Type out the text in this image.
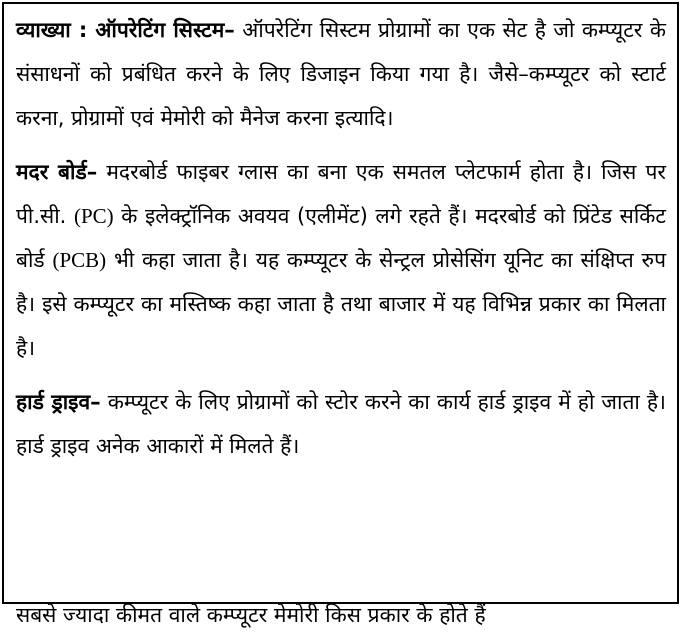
व्याख्या : ऑपरेटिंग सिस्टम– ऑपरेटिंग सिस्टम प्रोग्रामों का एक सेट है जो कम्प्यूटर के संसाधनों को प्रबंधित करने के लिए डिजाइन किया गया है। जैसे–कम्प्यूटर को स्टार्ट करना, प्रोग्रामों एवं मेमोरी को मैनेज करना इत्यादि।

मदर बोर्ड– मदरबोर्ड फाइबर ग्लास का बना एक समतल प्लेटफार्म होता है। जिस पर पी.सी. (PC) के इलेक्ट्रॉनिक अवयव (एलीमेंट) लगे रहते हैं। मदरबोर्ड को प्रिंटेड सर्किट बोर्ड (PCB) भी कहा जाता है। यह कम्प्यूटर के सेन्ट्रल प्रोसेसिंग यूनिट का संक्षिप्त रुप है। इसे कम्प्यूटर का मस्तिष्क कहा जाता है तथा बाजार में यह विभिन्न प्रकार का मिलता है।

हार्ड ड्राइव– कम्प्यूटर के लिए प्रोग्रामों को स्टोर करने का कार्य हार्ड ड्राइव में हो जाता है। हार्ड ड्राइव अनेक आकारों में मिलते हैं।

सबसे ज्यादा कीमत वाले कम्प्यूटर मेमोरी किस प्रकार के होते हैं
